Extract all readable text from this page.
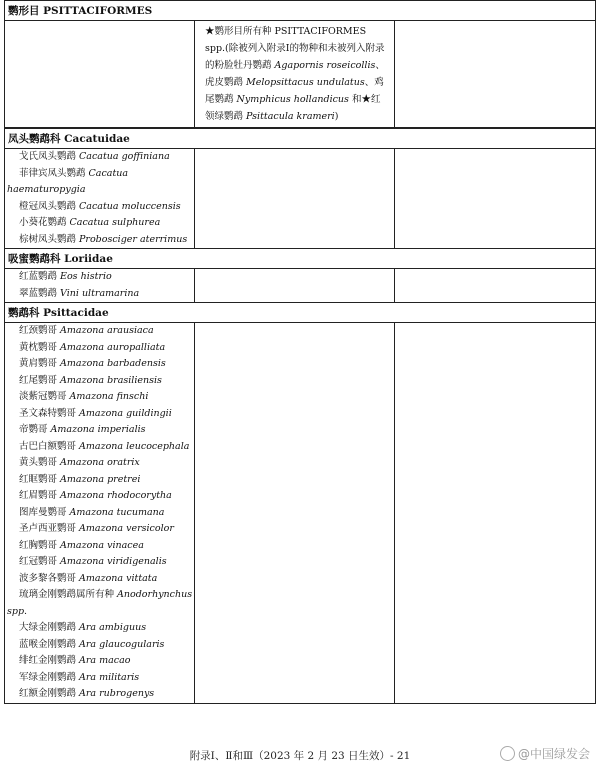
鹦形目 PSITTACIFORMES
★鹦形目所有种 PSITTACIFORMES spp.(除被列入附录Ⅰ的物种和未被列入附录的粉脸牡丹鹦鹉 Agapornis roseicollis、虎皮鹦鹉 Melopsittacus undulatus、鸡尾鹦鹉 Nymphicus hollandicus 和★红领绿鹦鹉 Psittacula krameri)
凤头鹦鹉科 Cacatuidae
戈氏凤头鹦鹉 Cacatua goffiniana
菲律宾凤头鹦鹉 Cacatua haematuropygia
橙冠凤头鹦鹉 Cacatua moluccensis
小葵花鹦鹉 Cacatua sulphurea
棕树凤头鹦鹉 Probosciger aterrimus
吸蜜鹦鹉科 Loriidae
红蓝鹦鹉 Eos histrio
翠蓝鹦鹉 Vini ultramarina
鹦鹉科 Psittacidae
红颈鹦哥 Amazona arausiaca
黄枕鹦哥 Amazona auropalliata
黄肩鹦哥 Amazona barbadensis
红尾鹦哥 Amazona brasiliensis
淡紫冠鹦哥 Amazona finschi
圣文森特鹦哥 Amazona guildingii
帝鹦哥 Amazona imperialis
古巴白额鹦哥 Amazona leucocephala
黄头鹦哥 Amazona oratrix
红眶鹦哥 Amazona pretrei
红眉鹦哥 Amazona rhodocorytha
图库曼鹦哥 Amazona tucumana
圣卢西亚鹦哥 Amazona versicolor
红胸鹦哥 Amazona vinacea
红冠鹦哥 Amazona viridigenalis
波多黎各鹦哥 Amazona vittata
琉璃金刚鹦鹉属所有种 Anodorhynchus spp.
大绿金刚鹦鹉 Ara ambiguus
蓝喉金刚鹦鹉 Ara glaucogularis
绯红金刚鹦鹉 Ara macao
军绿金刚鹦鹉 Ara militaris
红额金刚鹦鹉 Ara rubrogenys
附录Ⅰ、Ⅱ和Ⅲ（2023 年 2 月 23 日生效）- 21	@中国绿发会
